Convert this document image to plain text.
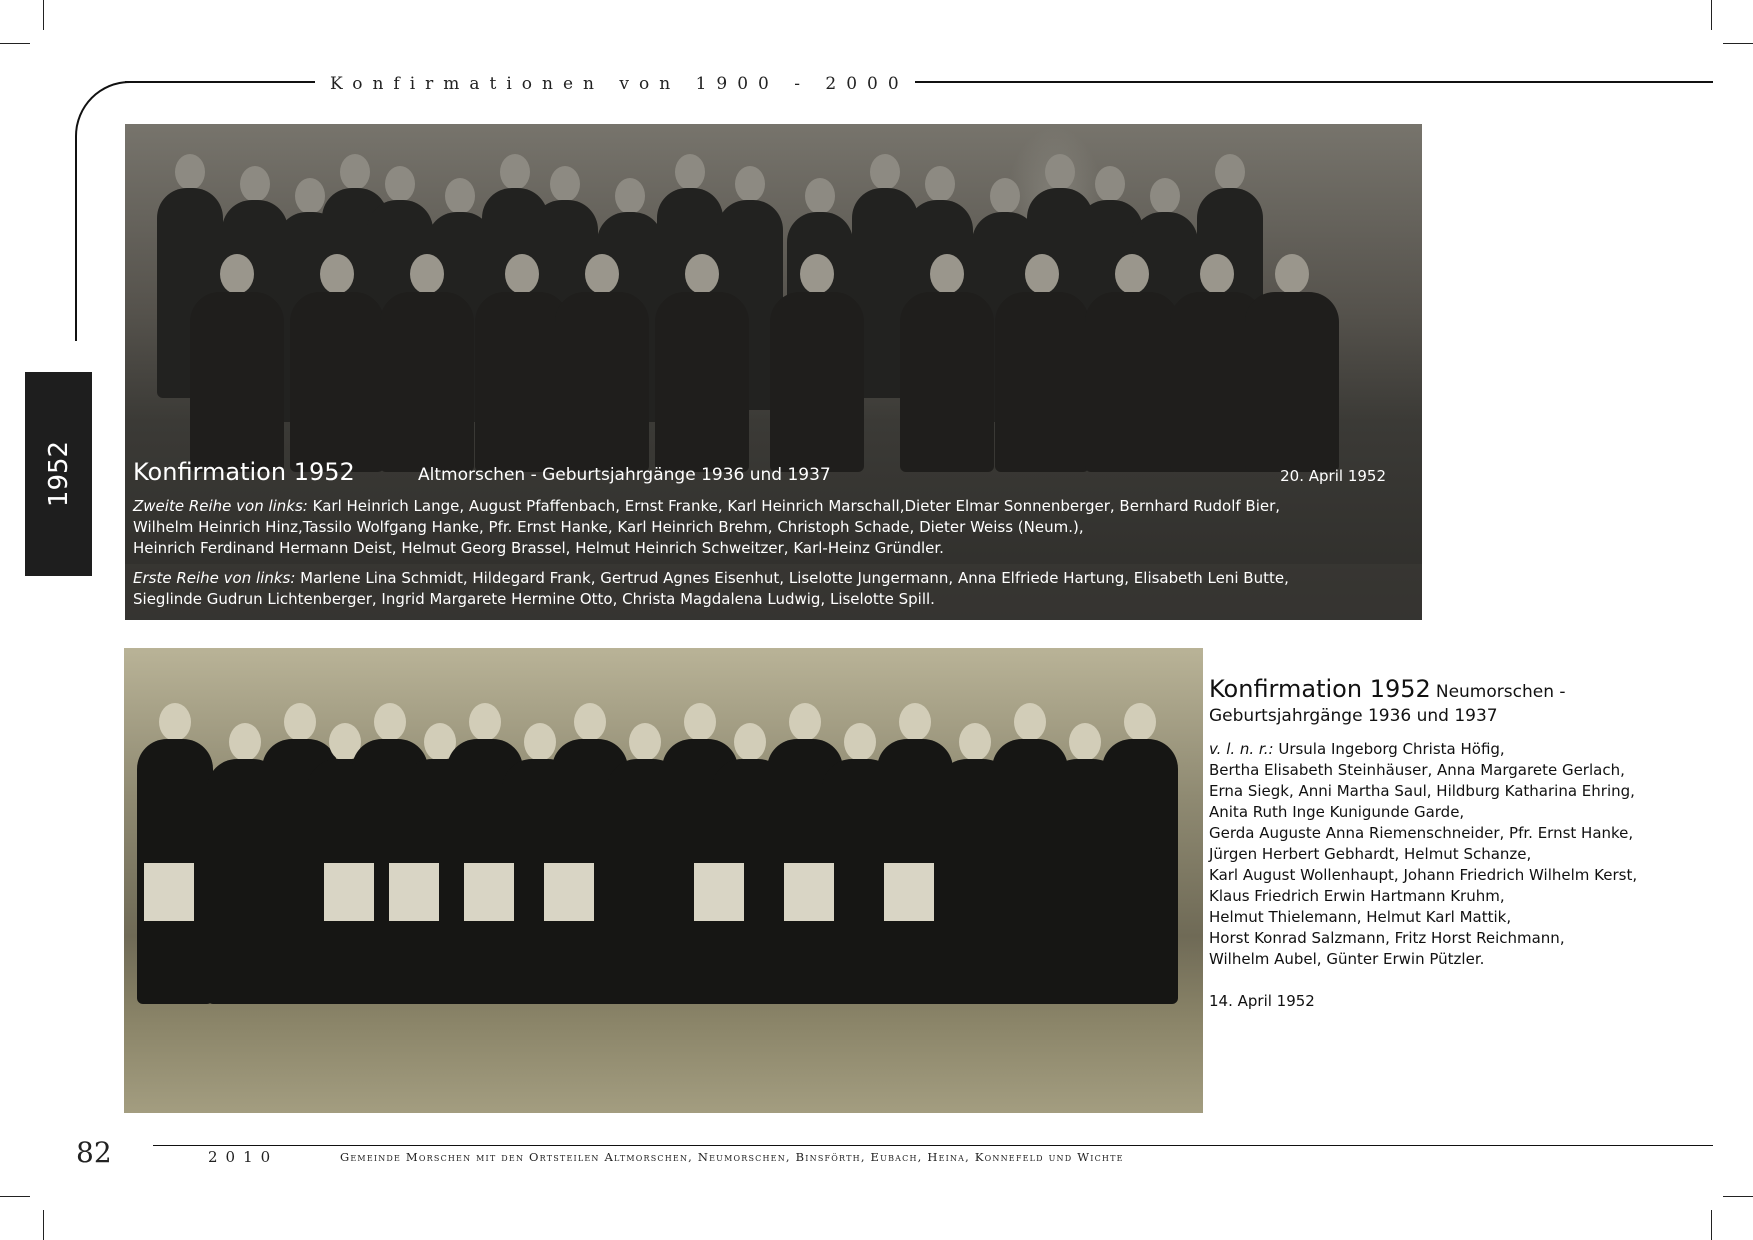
Konfirmationen von 1900 - 2000
1952 Konfirmation 1952	Altmorschen - Geburtsjahrgänge 1936 und 1937	20. April 1952
Zweite Reihe von links: Karl Heinrich Lange, August Pfaffenbach, Ernst Franke, Karl Heinrich Marschall,Dieter Elmar Sonnenberger, Bernhard Rudolf Bier,
Wilhelm Heinrich Hinz,Tassilo Wolfgang Hanke, Pfr. Ernst Hanke, Karl Heinrich Brehm, Christoph Schade, Dieter Weiss (Neum.),
Heinrich Ferdinand Hermann Deist, Helmut Georg Brassel, Helmut Heinrich Schweitzer, Karl-Heinz Gründler.
Erste Reihe von links: Marlene Lina Schmidt, Hildegard Frank, Gertrud Agnes Eisenhut, Liselotte Jungermann, Anna Elfriede Hartung, Elisabeth Leni Butte,
Sieglinde Gudrun Lichtenberger, Ingrid Margarete Hermine Otto, Christa Magdalena Ludwig, Liselotte Spill.
Konfirmation 1952 Neumorschen -
Geburtsjahrgänge 1936 und 1937
v. l. n. r.: Ursula Ingeborg Christa Höfig,
Bertha Elisabeth Steinhäuser, Anna Margarete Gerlach,
Erna Siegk, Anni Martha Saul, Hildburg Katharina Ehring,
Anita Ruth Inge Kunigunde Garde,
Gerda Auguste Anna Riemenschneider, Pfr. Ernst Hanke,
Jürgen Herbert Gebhardt, Helmut Schanze,
Karl August Wollenhaupt, Johann Friedrich Wilhelm Kerst,
Klaus Friedrich Erwin Hartmann Kruhm,
Helmut Thielemann, Helmut Karl Mattik,
Horst Konrad Salzmann, Fritz Horst Reichmann,
Wilhelm Aubel, Günter Erwin Pützler.
14. April 1952
82	2010	Gemeinde Morschen mit den Ortsteilen Altmorschen, Neumorschen, Binsförth, Eubach, Heina, Konnefeld und Wichte
